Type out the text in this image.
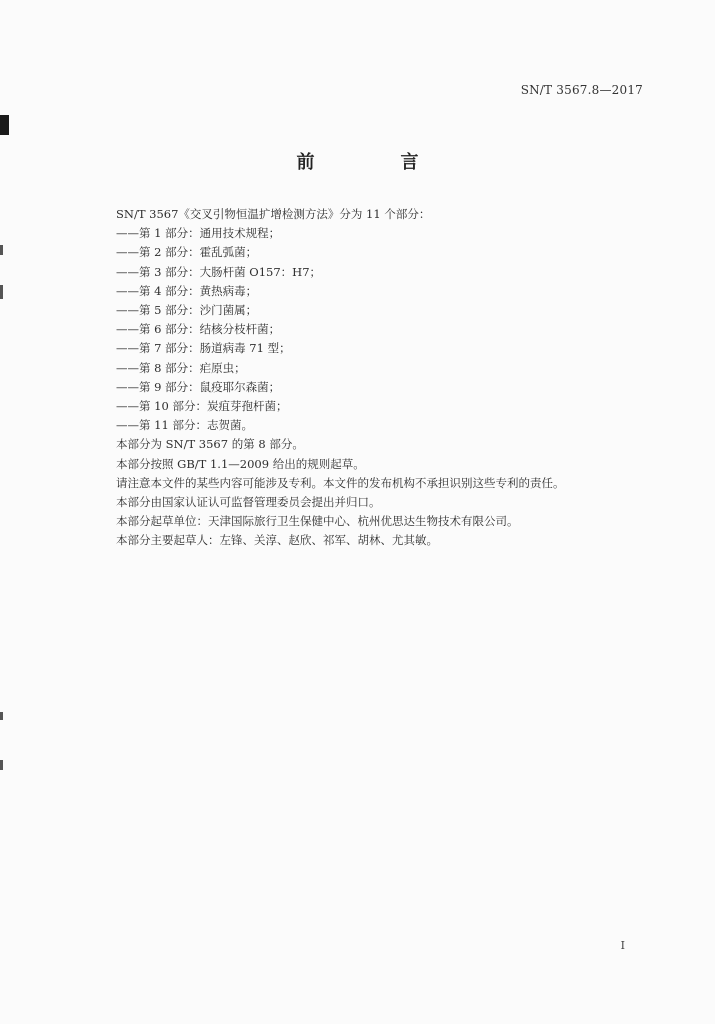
SN/T 3567.8—2017
前　言
SN/T 3567《交叉引物恒温扩增检测方法》分为 11 个部分：
——第 1 部分：通用技术规程；
——第 2 部分：霍乱弧菌；
——第 3 部分：大肠杆菌 O157：H7；
——第 4 部分：黄热病毒；
——第 5 部分：沙门菌属；
——第 6 部分：结核分枝杆菌；
——第 7 部分：肠道病毒 71 型；
——第 8 部分：疟原虫；
——第 9 部分：鼠疫耶尔森菌；
——第 10 部分：炭疽芽孢杆菌；
——第 11 部分：志贺菌。
本部分为 SN/T 3567 的第 8 部分。
本部分按照 GB/T 1.1—2009 给出的规则起草。
请注意本文件的某些内容可能涉及专利。本文件的发布机构不承担识别这些专利的责任。
本部分由国家认证认可监督管理委员会提出并归口。
本部分起草单位：天津国际旅行卫生保健中心、杭州优思达生物技术有限公司。
本部分主要起草人：左锋、关淳、赵欣、祁军、胡林、尤其敏。
I
